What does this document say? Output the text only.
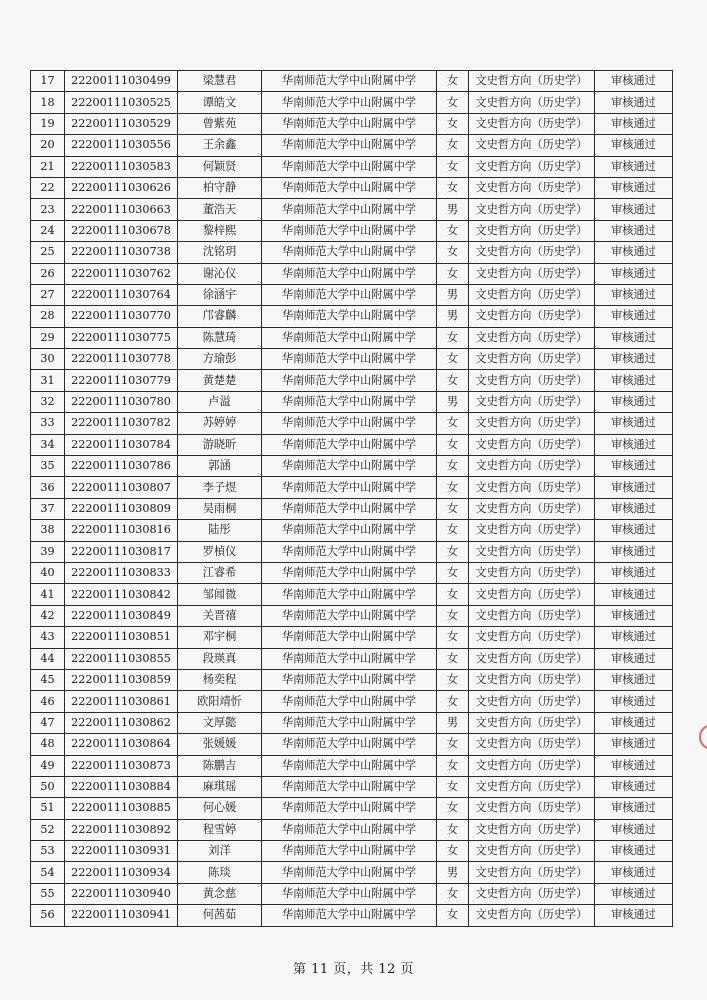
17	22200111030499	梁慧君	华南师范大学中山附属中学	女	文史哲方向（历史学）	审核通过
18	22200111030525	谭皓文	华南师范大学中山附属中学	女	文史哲方向（历史学）	审核通过
19	22200111030529	曾紫苑	华南师范大学中山附属中学	女	文史哲方向（历史学）	审核通过
20	22200111030556	王余鑫	华南师范大学中山附属中学	女	文史哲方向（历史学）	审核通过
21	22200111030583	何颖贤	华南师范大学中山附属中学	女	文史哲方向（历史学）	审核通过
22	22200111030626	柏守静	华南师范大学中山附属中学	女	文史哲方向（历史学）	审核通过
23	22200111030663	董浩天	华南师范大学中山附属中学	男	文史哲方向（历史学）	审核通过
24	22200111030678	黎梓熙	华南师范大学中山附属中学	女	文史哲方向（历史学）	审核通过
25	22200111030738	沈铭玥	华南师范大学中山附属中学	女	文史哲方向（历史学）	审核通过
26	22200111030762	谢沁仪	华南师范大学中山附属中学	女	文史哲方向（历史学）	审核通过
27	22200111030764	徐涵宇	华南师范大学中山附属中学	男	文史哲方向（历史学）	审核通过
28	22200111030770	邝睿麟	华南师范大学中山附属中学	男	文史哲方向（历史学）	审核通过
29	22200111030775	陈慧琦	华南师范大学中山附属中学	女	文史哲方向（历史学）	审核通过
30	22200111030778	方瑜彭	华南师范大学中山附属中学	女	文史哲方向（历史学）	审核通过
31	22200111030779	黄楚楚	华南师范大学中山附属中学	女	文史哲方向（历史学）	审核通过
32	22200111030780	卢溢	华南师范大学中山附属中学	男	文史哲方向（历史学）	审核通过
33	22200111030782	苏婷婷	华南师范大学中山附属中学	女	文史哲方向（历史学）	审核通过
34	22200111030784	游晓昕	华南师范大学中山附属中学	女	文史哲方向（历史学）	审核通过
35	22200111030786	郭涵	华南师范大学中山附属中学	女	文史哲方向（历史学）	审核通过
36	22200111030807	李子煜	华南师范大学中山附属中学	女	文史哲方向（历史学）	审核通过
37	22200111030809	吴雨桐	华南师范大学中山附属中学	女	文史哲方向（历史学）	审核通过
38	22200111030816	陆彤	华南师范大学中山附属中学	女	文史哲方向（历史学）	审核通过
39	22200111030817	罗楨仪	华南师范大学中山附属中学	女	文史哲方向（历史学）	审核通过
40	22200111030833	江睿希	华南师范大学中山附属中学	女	文史哲方向（历史学）	审核通过
41	22200111030842	邹闻微	华南师范大学中山附属中学	女	文史哲方向（历史学）	审核通过
42	22200111030849	关晋禧	华南师范大学中山附属中学	女	文史哲方向（历史学）	审核通过
43	22200111030851	邓宇桐	华南师范大学中山附属中学	女	文史哲方向（历史学）	审核通过
44	22200111030855	段瑛真	华南师范大学中山附属中学	女	文史哲方向（历史学）	审核通过
45	22200111030859	杨奕程	华南师范大学中山附属中学	女	文史哲方向（历史学）	审核通过
46	22200111030861	欧阳靖忻	华南师范大学中山附属中学	女	文史哲方向（历史学）	审核通过
47	22200111030862	文厚懿	华南师范大学中山附属中学	男	文史哲方向（历史学）	审核通过
48	22200111030864	张媛媛	华南师范大学中山附属中学	女	文史哲方向（历史学）	审核通过
49	22200111030873	陈鹏吉	华南师范大学中山附属中学	女	文史哲方向（历史学）	审核通过
50	22200111030884	麻琪瑶	华南师范大学中山附属中学	女	文史哲方向（历史学）	审核通过
51	22200111030885	何心媛	华南师范大学中山附属中学	女	文史哲方向（历史学）	审核通过
52	22200111030892	程雪婷	华南师范大学中山附属中学	女	文史哲方向（历史学）	审核通过
53	22200111030931	刘洋	华南师范大学中山附属中学	女	文史哲方向（历史学）	审核通过
54	22200111030934	陈琰	华南师范大学中山附属中学	男	文史哲方向（历史学）	审核通过
55	22200111030940	黄念慈	华南师范大学中山附属中学	女	文史哲方向（历史学）	审核通过
56	22200111030941	何茜茹	华南师范大学中山附属中学	女	文史哲方向（历史学）	审核通过
第 11 页，共 12 页
